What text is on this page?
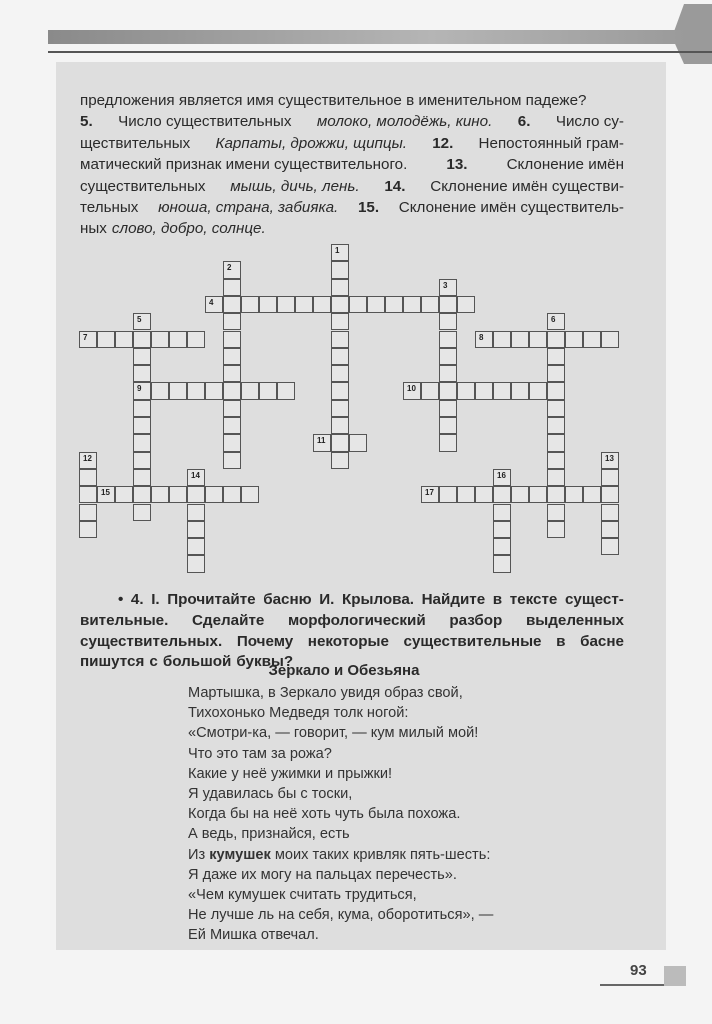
предложения является имя существительное в именительном падеже?
5. Число существительных молоко, молодёжь, кино. 6. Число су-
ществительных Карпаты, дрожжи, щипцы. 12. Непостоянный грам-
матический признак имени существительного.	13.	Склонение имён
существительных мышь, дичь, лень. 14. Склонение имён существи-
тельных юноша, страна, забияка. 15. Склонение имён существитель-
ных слово, добро, солнце.
1
2
3
4
5
9
6
7	8
10
11
12	13
14	16
15	17
• 4. I. Прочитайте басню И. Крылова. Найдите в тексте сущест-
вительные. Сделайте морфологический разбор выделенных
существительных. Почему некоторые существительные в басне
пишутся с большой буквы?
Зеркало и Обезьяна
Мартышка, в Зеркало увидя образ свой,
Тихохонько Медведя толк ногой:
«Смотри-ка, — говорит, — кум милый мой!
Что это там за рожа?
Какие у неё ужимки и прыжки!
Я удавилась бы с тоски,
Когда бы на неё хоть чуть была похожа.
А ведь, признайся, есть
Из кумушек моих таких кривляк пять-шесть:
Я даже их могу на пальцах перечесть».
«Чем кумушек считать трудиться,
Не лучше ль на себя, кума, оборотиться», —
Ей Мишка отвечал.
93
